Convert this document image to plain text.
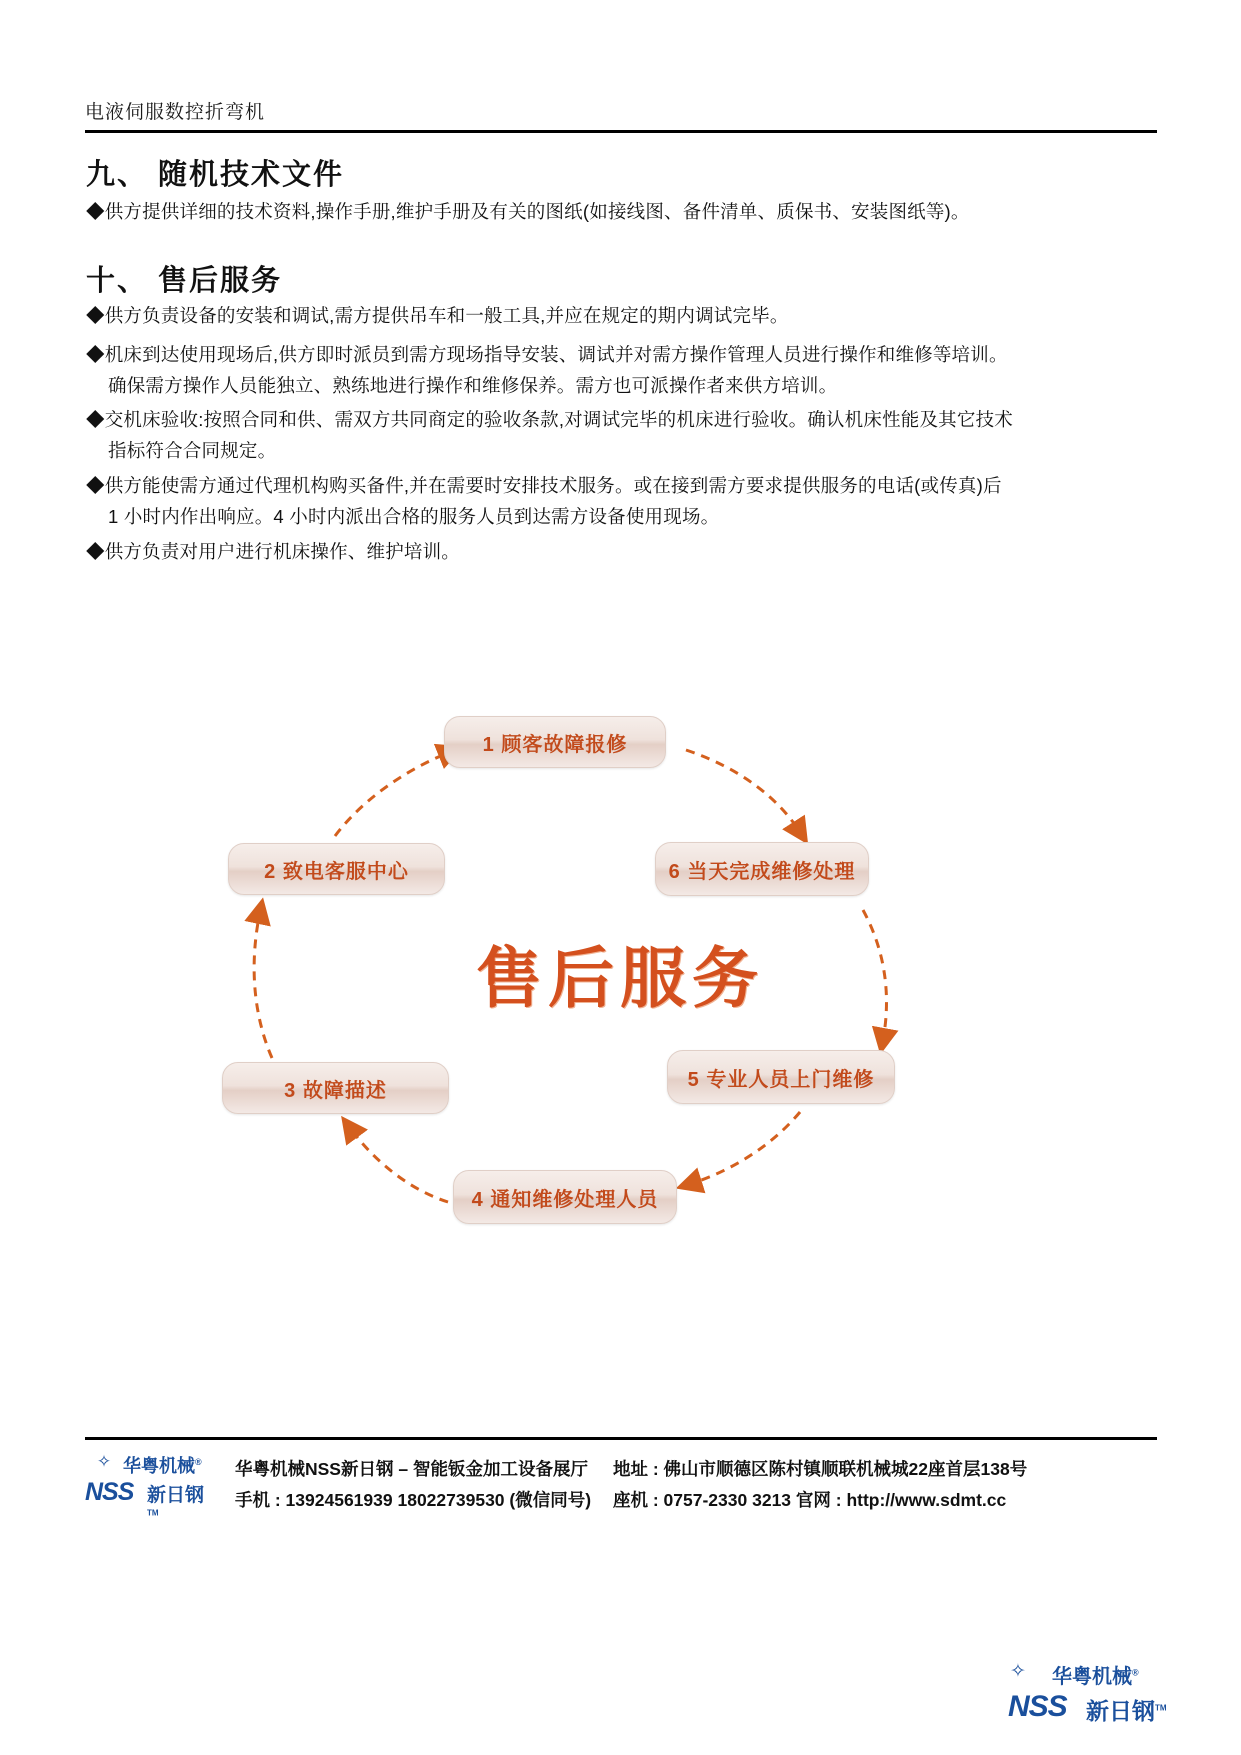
电液伺服数控折弯机
九、 随机技术文件
◆供方提供详细的技术资料,操作手册,维护手册及有关的图纸(如接线图、备件清单、质保书、安装图纸等)。
十、 售后服务
◆供方负责设备的安装和调试,需方提供吊车和一般工具,并应在规定的期内调试完毕。
◆机床到达使用现场后,供方即时派员到需方现场指导安装、调试并对需方操作管理人员进行操作和维修等培训。
确保需方操作人员能独立、熟练地进行操作和维修保养。需方也可派操作者来供方培训。
◆交机床验收:按照合同和供、需双方共同商定的验收条款,对调试完毕的机床进行验收。确认机床性能及其它技术
指标符合合同规定。
◆供方能使需方通过代理机构购买备件,并在需要时安排技术服务。或在接到需方要求提供服务的电话(或传真)后
1 小时内作出响应。4 小时内派出合格的服务人员到达需方设备使用现场。
◆供方负责对用户进行机床操作、维护培训。
售后服务
1 顾客故障报修
2 致电客服中心
3 故障描述
4 通知维修处理人员
5 专业人员上门维修
6 当天完成维修处理
✧ 华粤机械®
NSS 新日钢™
华粤机械NSS新日钢 – 智能钣金加工设备展厅
手机 : 13924561939 18022739530 (微信同号)
地址 : 佛山市顺德区陈村镇顺联机械城22座首层138号
座机 : 0757-2330 3213 官网 : http://www.sdmt.cc
✧ 华粤机械®
NSS 新日钢™
